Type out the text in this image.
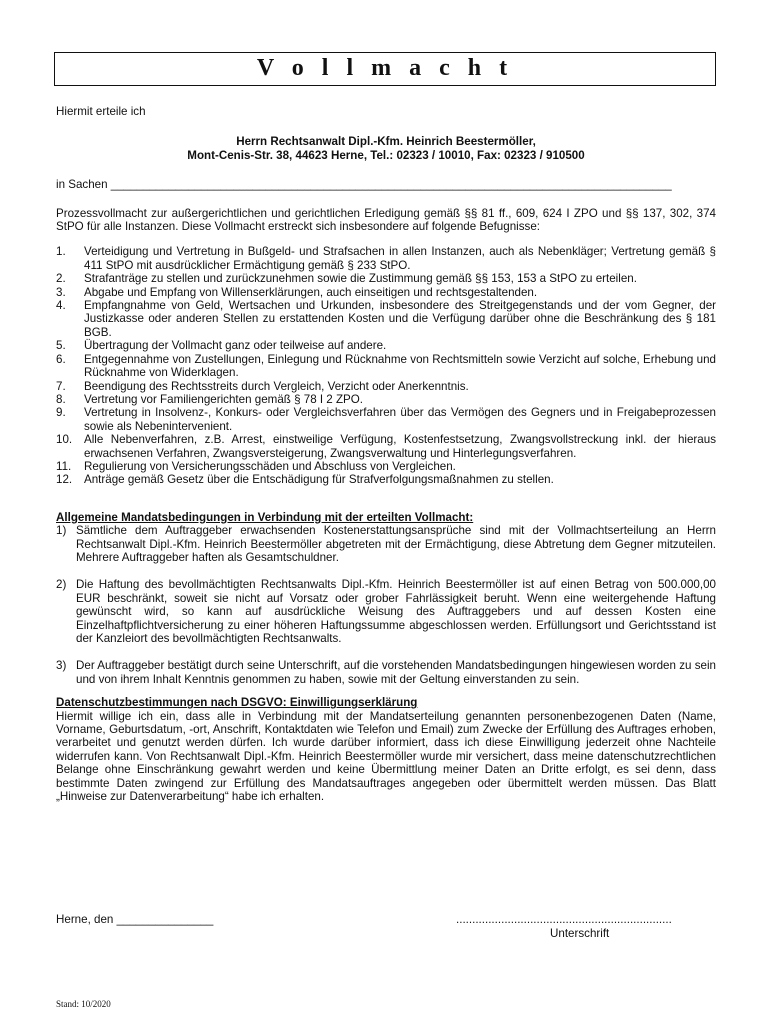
V o l l m a c h t
Hiermit erteile ich
Herrn Rechtsanwalt Dipl.-Kfm. Heinrich Beestermöller,
Mont-Cenis-Str. 38, 44623 Herne, Tel.: 02323 / 10010, Fax: 02323 / 910500
in Sachen _______________________________________________________________________________________
Prozessvollmacht zur außergerichtlichen und gerichtlichen Erledigung gemäß §§ 81 ff., 609, 624 I ZPO und §§ 137, 302, 374 StPO für alle Instanzen. Diese Vollmacht erstreckt sich insbesondere auf folgende Befugnisse:
1.	Verteidigung und Vertretung in Bußgeld- und Strafsachen in allen Instanzen, auch als Nebenkläger; Vertretung gemäß § 411 StPO mit ausdrücklicher Ermächtigung gemäß § 233 StPO.
2.	Strafanträge zu stellen und zurückzunehmen sowie die Zustimmung gemäß §§ 153, 153 a StPO zu erteilen.
3.	Abgabe und Empfang von Willenserklärungen, auch einseitigen und rechtsgestaltenden.
4.	Empfangnahme von Geld, Wertsachen und Urkunden, insbesondere des Streitgegenstands und der vom Gegner, der Justizkasse oder anderen Stellen zu erstattenden Kosten und die Verfügung darüber ohne die Beschränkung des § 181 BGB.
5.	Übertragung der Vollmacht ganz oder teilweise auf andere.
6.	Entgegennahme von Zustellungen, Einlegung und Rücknahme von Rechtsmitteln sowie Verzicht auf solche, Erhebung und Rücknahme von Widerklagen.
7.	Beendigung des Rechtsstreits durch Vergleich, Verzicht oder Anerkenntnis.
8.	Vertretung vor Familiengerichten gemäß § 78 I 2 ZPO.
9.	Vertretung in Insolvenz-, Konkurs- oder Vergleichsverfahren über das Vermögen des Gegners und in Freigabeprozessen sowie als Nebenintervenient.
10.	Alle Nebenverfahren, z.B. Arrest, einstweilige Verfügung, Kostenfestsetzung, Zwangsvollstreckung inkl. der hieraus erwachsenen Verfahren, Zwangsversteigerung, Zwangsverwaltung und Hinterlegungsverfahren.
11.	Regulierung von Versicherungsschäden und Abschluss von Vergleichen.
12.	Anträge gemäß Gesetz über die Entschädigung für Strafverfolgungsmaßnahmen zu stellen.
Allgemeine Mandatsbedingungen in Verbindung mit der erteilten Vollmacht:
1) Sämtliche dem Auftraggeber erwachsenden Kostenerstattungsansprüche sind mit der Vollmachtserteilung an Herrn Rechtsanwalt Dipl.-Kfm. Heinrich Beestermöller abgetreten mit der Ermächtigung, diese Abtretung dem Gegner mitzuteilen. Mehrere Auftraggeber haften als Gesamtschuldner.
2) Die Haftung des bevollmächtigten Rechtsanwalts Dipl.-Kfm. Heinrich Beestermöller ist auf einen Betrag von 500.000,00 EUR beschränkt, soweit sie nicht auf Vorsatz oder grober Fahrlässigkeit beruht. Wenn eine weitergehende Haftung gewünscht wird, so kann auf ausdrückliche Weisung des Auftraggebers und auf dessen Kosten eine Einzelhaftpflichtversicherung zu einer höheren Haftungssumme abgeschlossen werden. Erfüllungsort und Gerichtsstand ist der Kanzleiort des bevollmächtigten Rechtsanwalts.
3) Der Auftraggeber bestätigt durch seine Unterschrift, auf die vorstehenden Mandatsbedingungen hingewiesen worden zu sein und von ihrem Inhalt Kenntnis genommen zu haben, sowie mit der Geltung einverstanden zu sein.
Datenschutzbestimmungen nach DSGVO: Einwilligungserklärung
Hiermit willige ich ein, dass alle in Verbindung mit der Mandatserteilung genannten personenbezogenen Daten (Name, Vorname, Geburtsdatum, -ort, Anschrift, Kontaktdaten wie Telefon und Email) zum Zwecke der Erfüllung des Auftrages erhoben, verarbeitet und genutzt werden dürfen. Ich wurde darüber informiert, dass ich diese Einwilligung jederzeit ohne Nachteile widerrufen kann. Von Rechtsanwalt Dipl.-Kfm. Heinrich Beestermöller wurde mir versichert, dass meine datenschutzrechtlichen Belange ohne Einschränkung gewahrt werden und keine Übermittlung meiner Daten an Dritte erfolgt, es sei denn, dass bestimmte Daten zwingend zur Erfüllung des Mandatsauftrages angegeben oder übermittelt werden müssen. Das Blatt „Hinweise zur Datenverarbeitung“ habe ich erhalten.
Herne, den _______________	...................................................................
Unterschrift
Stand: 10/2020
